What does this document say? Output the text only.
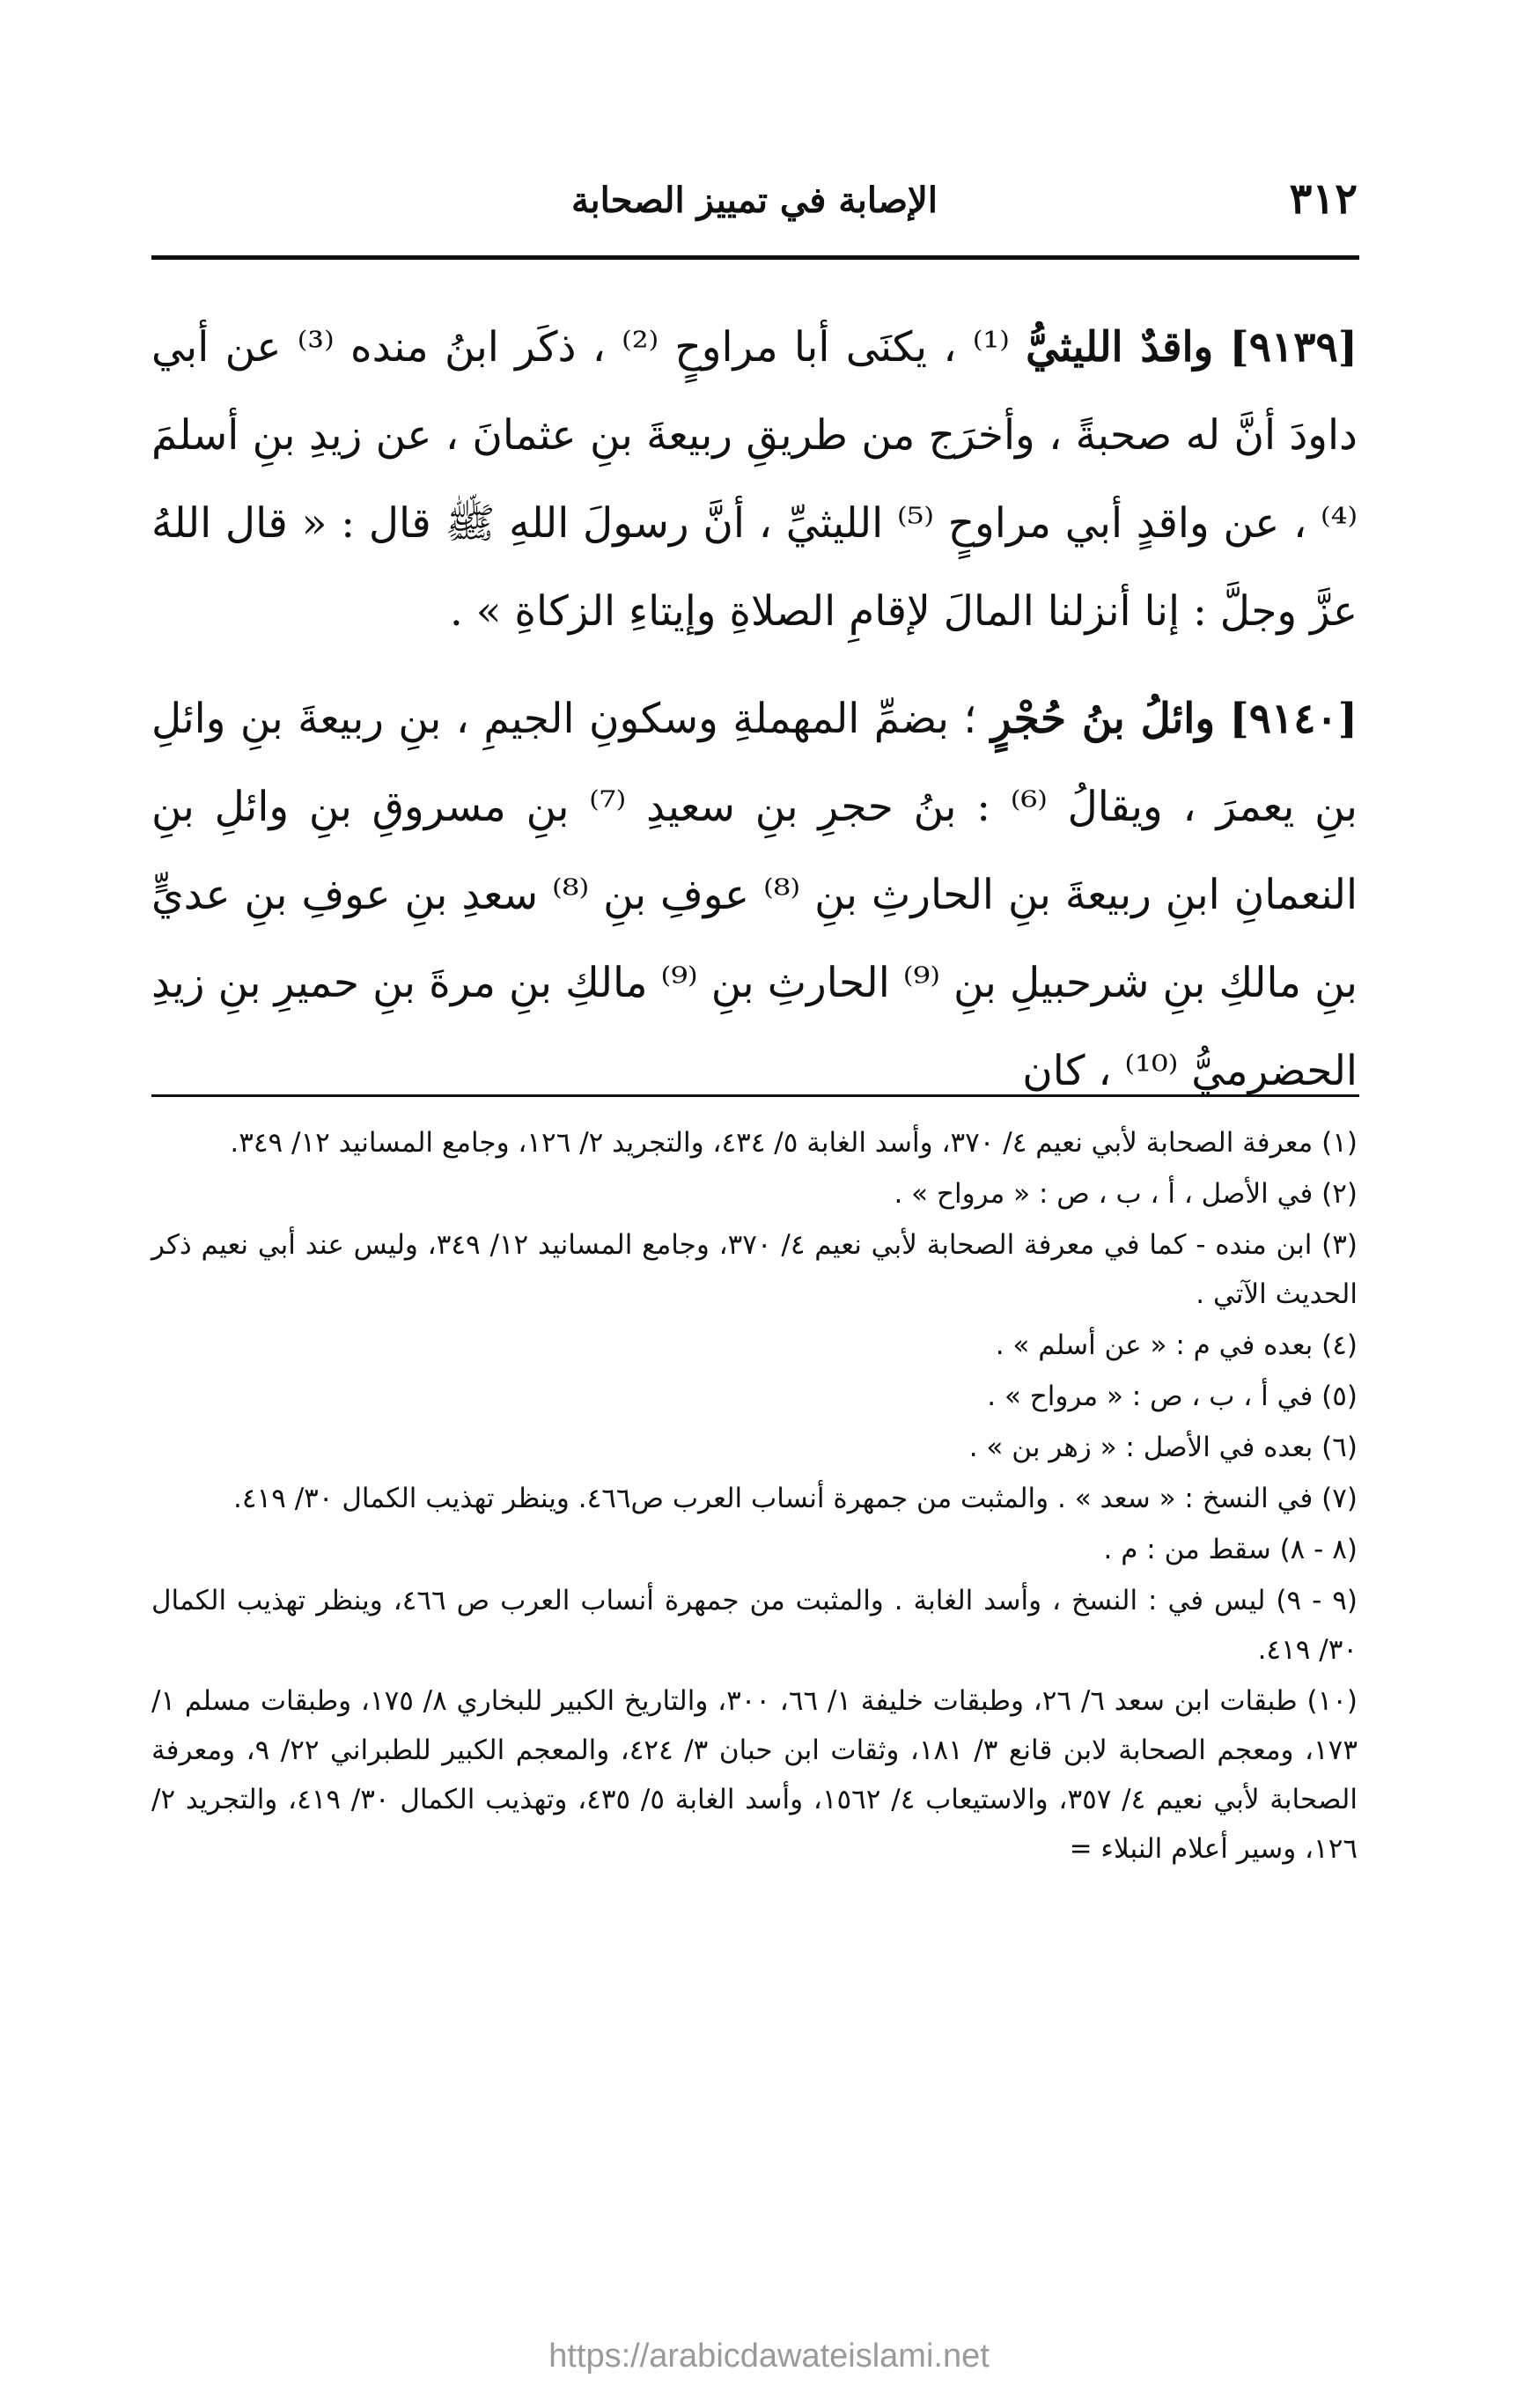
٣١٢
الإصابة في تمييز الصحابة

[٩١٣٩] واقدٌ الليثيُّ ⁽¹⁾ ، يكنَى أبا مراوحٍ ⁽²⁾ ، ذكَر ابنُ منده ⁽³⁾ عن أبي داودَ أنَّ له صحبةً ، وأخرَج من طريقِ ربيعةَ بنِ عثمانَ ، عن زيدِ بنِ أسلمَ ⁽⁴⁾ ، عن واقدٍ أبي مراوحٍ ⁽⁵⁾ الليثيِّ ، أنَّ رسولَ اللهِ ﷺ قال : « قال اللهُ عزَّ وجلَّ : إنا أنزلنا المالَ لإقامِ الصلاةِ وإيتاءِ الزكاةِ » .

[٩١٤٠] وائلُ بنُ حُجْرٍ ؛ بضمِّ المهملةِ وسكونِ الجيمِ ، بنِ ربيعةَ بنِ وائلِ بنِ يعمرَ ، ويقالُ ⁽⁶⁾ : بنُ حجرِ بنِ سعيدِ ⁽⁷⁾ بنِ مسروقِ بنِ وائلِ بنِ النعمانِ ابنِ ربيعةَ بنِ الحارثِ بنِ ⁽⁸⁾ عوفِ بنِ ⁽⁸⁾ سعدِ بنِ عوفِ بنِ عديٍّ بنِ مالكِ بنِ شرحبيلِ بنِ ⁽⁹⁾ الحارثِ بنِ ⁽⁹⁾ مالكِ بنِ مرةَ بنِ حميرِ بنِ زيدِ الحضرميُّ ⁽¹⁰⁾ ، كان

(١) معرفة الصحابة لأبي نعيم ٤/ ٣٧٠، وأسد الغابة ٥/ ٤٣٤، والتجريد ٢/ ١٢٦، وجامع المسانيد ١٢/ ٣٤٩.

(٢) في الأصل ، أ ، ب ، ص : « مرواح » .

(٣) ابن منده - كما في معرفة الصحابة لأبي نعيم ٤/ ٣٧٠، وجامع المسانيد ١٢/ ٣٤٩، وليس عند أبي نعيم ذكر الحديث الآتي .

(٤) بعده في م : « عن أسلم » .

(٥) في أ ، ب ، ص : « مرواح » .

(٦) بعده في الأصل : « زهر بن » .

(٧) في النسخ : « سعد » . والمثبت من جمهرة أنساب العرب ص٤٦٦. وينظر تهذيب الكمال ٣٠/ ٤١٩.

(٨ - ٨) سقط من : م .

(٩ - ٩) ليس في : النسخ ، وأسد الغابة . والمثبت من جمهرة أنساب العرب ص ٤٦٦، وينظر تهذيب الكمال ٣٠/ ٤١٩.

(١٠) طبقات ابن سعد ٦/ ٢٦، وطبقات خليفة ١/ ٦٦، ٣٠٠، والتاريخ الكبير للبخاري ٨/ ١٧٥، وطبقات مسلم ١/ ١٧٣، ومعجم الصحابة لابن قانع ٣/ ١٨١، وثقات ابن حبان ٣/ ٤٢٤، والمعجم الكبير للطبراني ٢٢/ ٩، ومعرفة الصحابة لأبي نعيم ٤/ ٣٥٧، والاستيعاب ٤/ ١٥٦٢، وأسد الغابة ٥/ ٤٣٥، وتهذيب الكمال ٣٠/ ٤١٩، والتجريد ٢/ ١٢٦، وسير أعلام النبلاء =

https://arabicdawateislami.net
